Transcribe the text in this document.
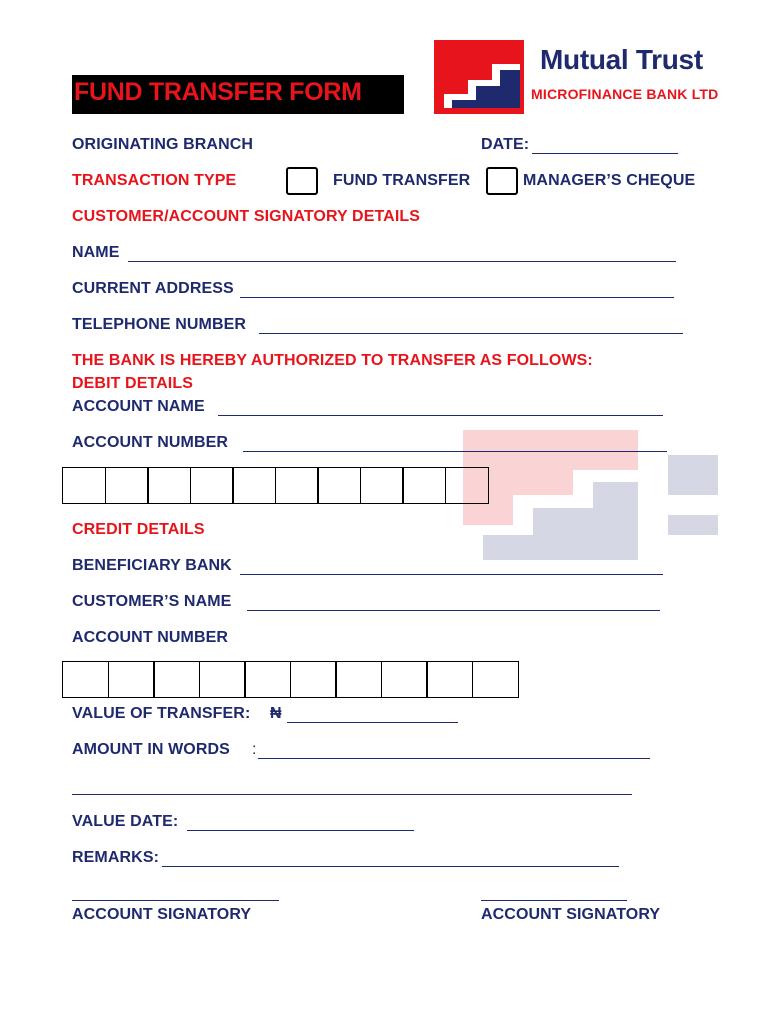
FUND TRANSFER FORM
Mutual Trust
MICROFINANCE BANK LTD
ORIGINATING BRANCH	DATE:
TRANSACTION TYPE	FUND TRANSFER	MANAGER’S CHEQUE
CUSTOMER/ACCOUNT SIGNATORY DETAILS
NAME
CURRENT ADDRESS
TELEPHONE NUMBER
THE BANK IS HEREBY AUTHORIZED TO TRANSFER AS FOLLOWS:
DEBIT DETAILS
ACCOUNT NAME
ACCOUNT NUMBER
CREDIT DETAILS
BENEFICIARY BANK
CUSTOMER’S NAME
ACCOUNT NUMBER
VALUE OF TRANSFER: ₦
AMOUNT IN WORDS :
VALUE DATE:
REMARKS:
ACCOUNT SIGNATORY	ACCOUNT SIGNATORY
